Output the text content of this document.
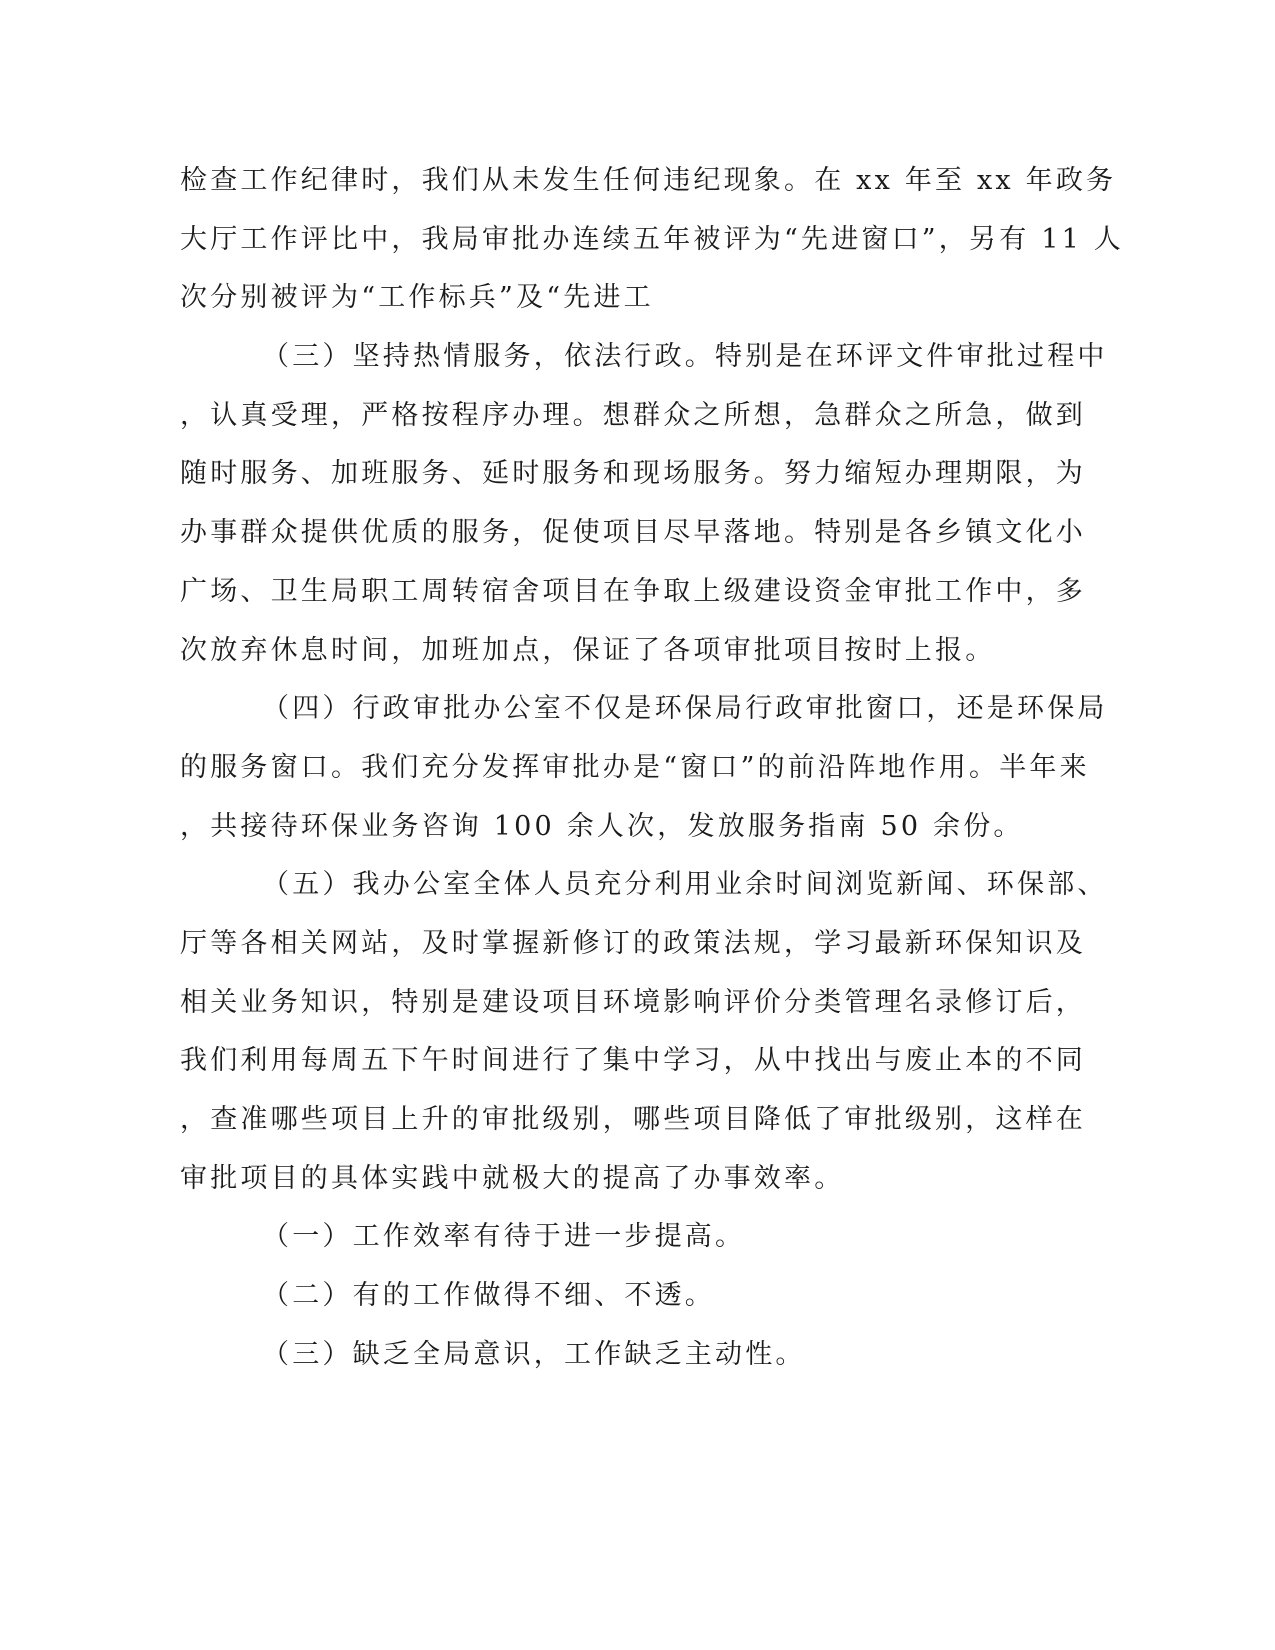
检查工作纪律时，我们从未发生任何违纪现象。在 xx 年至 xx 年政务
大厅工作评比中，我局审批办连续五年被评为“先进窗口”，另有 11 人
次分别被评为“工作标兵”及“先进工
（三）坚持热情服务，依法行政。特别是在环评文件审批过程中
，认真受理，严格按程序办理。想群众之所想，急群众之所急，做到
随时服务、加班服务、延时服务和现场服务。努力缩短办理期限，为
办事群众提供优质的服务，促使项目尽早落地。特别是各乡镇文化小
广场、卫生局职工周转宿舍项目在争取上级建设资金审批工作中，多
次放弃休息时间，加班加点，保证了各项审批项目按时上报。
（四）行政审批办公室不仅是环保局行政审批窗口，还是环保局
的服务窗口。我们充分发挥审批办是“窗口”的前沿阵地作用。半年来
，共接待环保业务咨询 100 余人次，发放服务指南 50 余份。
（五）我办公室全体人员充分利用业余时间浏览新闻、环保部、
厅等各相关网站，及时掌握新修订的政策法规，学习最新环保知识及
相关业务知识，特别是建设项目环境影响评价分类管理名录修订后，
我们利用每周五下午时间进行了集中学习，从中找出与废止本的不同
，查准哪些项目上升的审批级别，哪些项目降低了审批级别，这样在
审批项目的具体实践中就极大的提高了办事效率。
（一）工作效率有待于进一步提高。
（二）有的工作做得不细、不透。
（三）缺乏全局意识，工作缺乏主动性。
